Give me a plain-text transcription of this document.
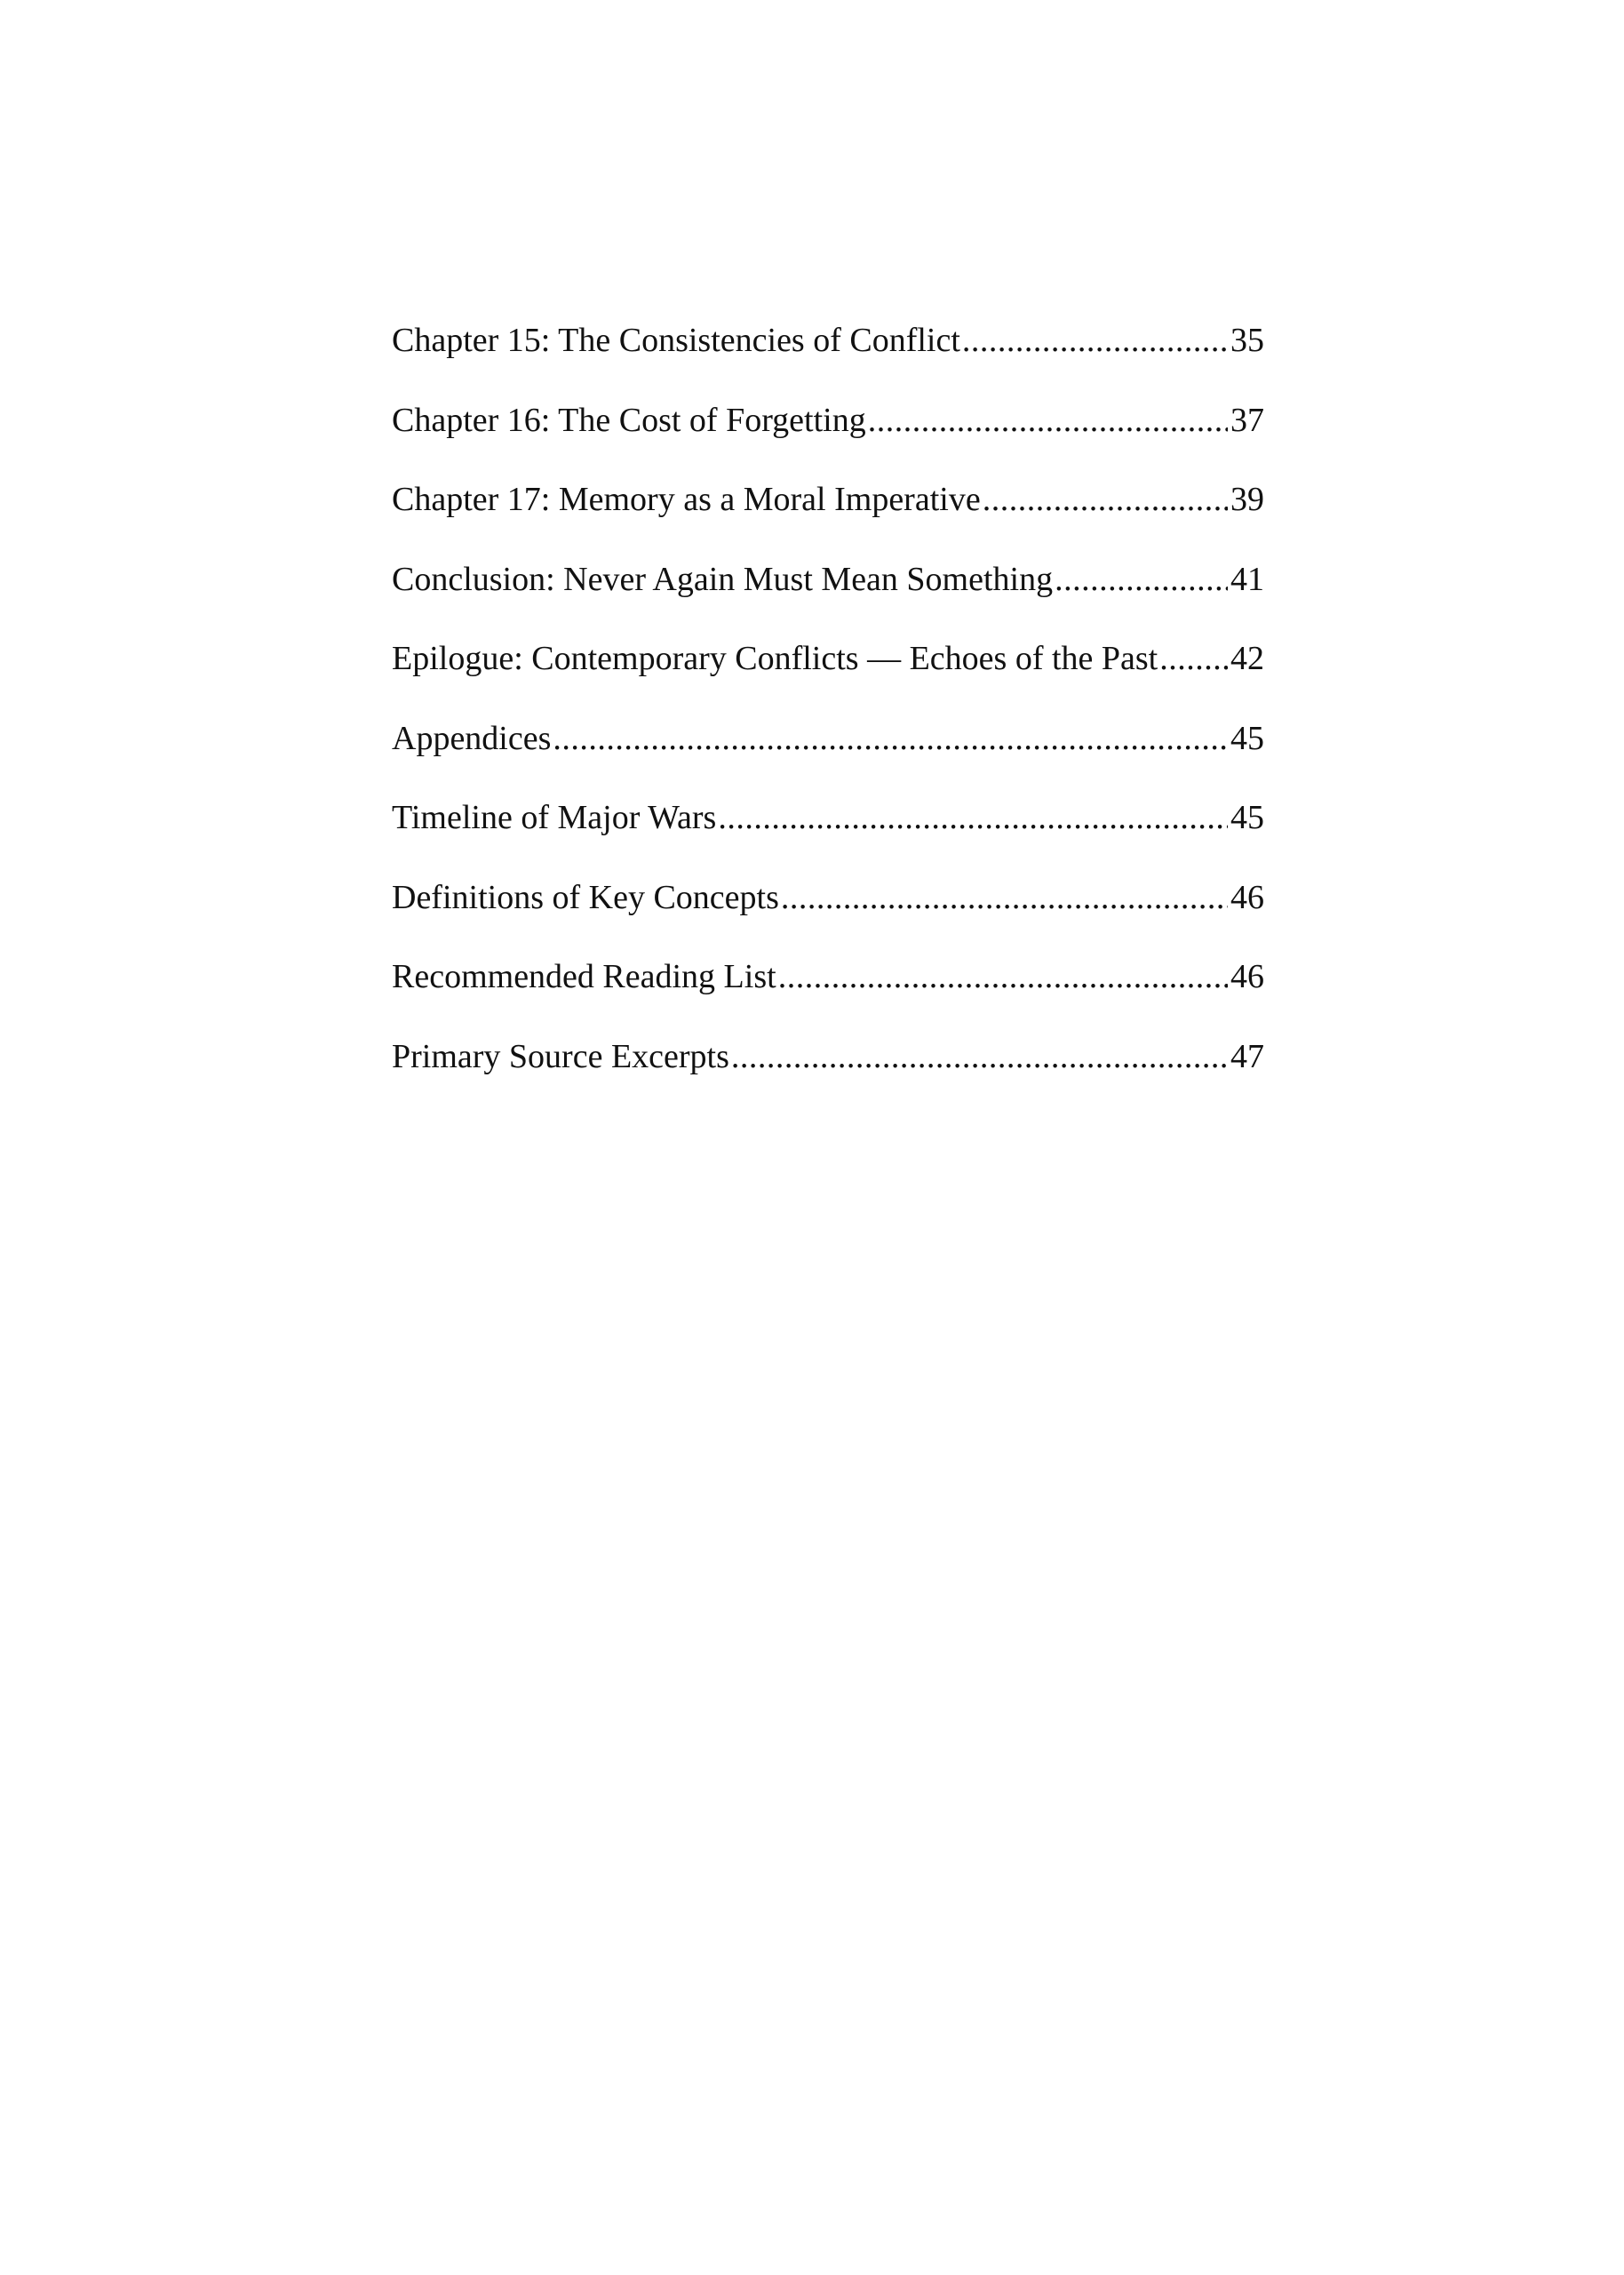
Chapter 15: The Consistencies of Conflict .....	35
Chapter 16: The Cost of Forgetting .....	37
Chapter 17: Memory as a Moral Imperative .....	39
Conclusion: Never Again Must Mean Something .....	41
Epilogue: Contemporary Conflicts — Echoes of the Past ..... 42
Appendices .....	45
Timeline of Major Wars .....	45
Definitions of Key Concepts .....	46
Recommended Reading List .....	46
Primary Source Excerpts .....	47
